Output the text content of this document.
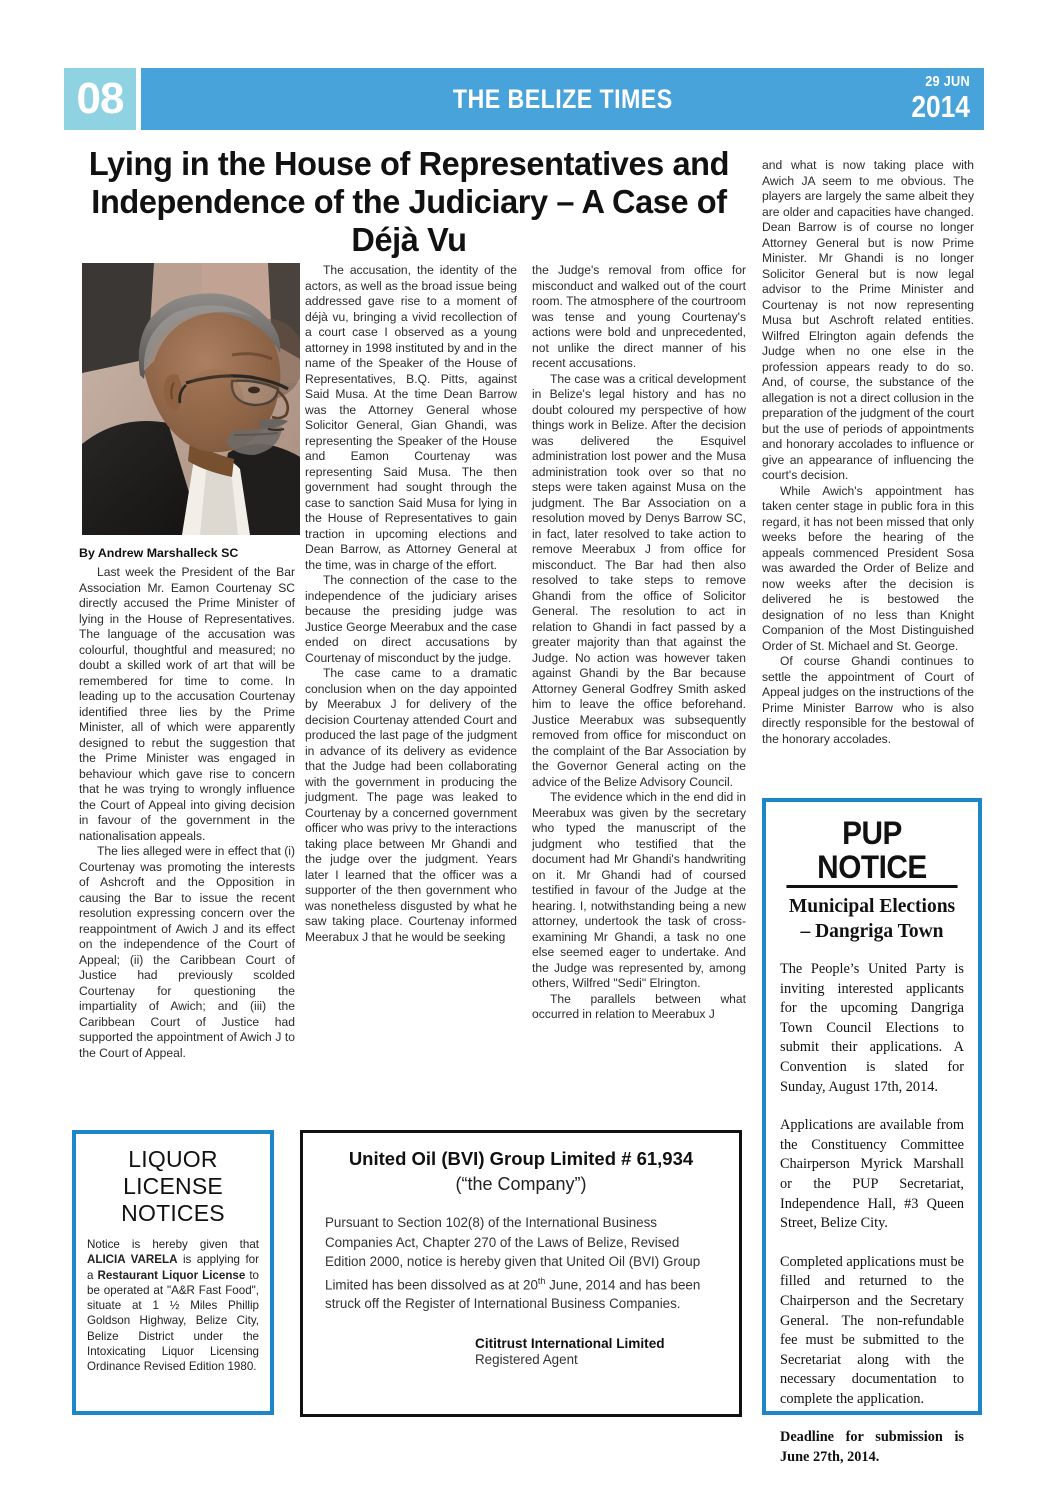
08	THE BELIZE TIMES
29 JUN
2014
Lying in the House of Representatives and Independence of the Judiciary – A Case of Déjà Vu
By Andrew Marshalleck SC

Last week the President of the Bar Association Mr. Eamon Courtenay SC directly accused the Prime Minister of lying in the House of Representatives. The language of the accusation was colourful, thoughtful and measured; no doubt a skilled work of art that will be remembered for time to come. In leading up to the accusation Courtenay identified three lies by the Prime Minister, all of which were apparently designed to rebut the suggestion that the Prime Minister was engaged in behaviour which gave rise to concern that he was trying to wrongly influence the Court of Appeal into giving decision in favour of the government in the nationalisation appeals.

The lies alleged were in effect that (i) Courtenay was promoting the interests of Ashcroft and the Opposition in causing the Bar to issue the recent resolution expressing concern over the reappointment of Awich J and its effect on the independence of the Court of Appeal; (ii) the Caribbean Court of Justice had previously scolded Courtenay for questioning the impartiality of Awich; and (iii) the Caribbean Court of Justice had supported the appointment of Awich J to the Court of Appeal.

The accusation, the identity of the actors, as well as the broad issue being addressed gave rise to a moment of déjà vu, bringing a vivid recollection of a court case I observed as a young attorney in 1998 instituted by and in the name of the Speaker of the House of Representatives, B.Q. Pitts, against Said Musa. At the time Dean Barrow was the Attorney General whose Solicitor General, Gian Ghandi, was representing the Speaker of the House and Eamon Courtenay was representing Said Musa. The then government had sought through the case to sanction Said Musa for lying in the House of Representatives to gain traction in upcoming elections and Dean Barrow, as Attorney General at the time, was in charge of the effort.

The connection of the case to the independence of the judiciary arises because the presiding judge was Justice George Meerabux and the case ended on direct accusations by Courtenay of misconduct by the judge.

The case came to a dramatic conclusion when on the day appointed by Meerabux J for delivery of the decision Courtenay attended Court and produced the last page of the judgment in advance of its delivery as evidence that the Judge had been collaborating with the government in producing the judgment. The page was leaked to Courtenay by a concerned government officer who was privy to the interactions taking place between Mr Ghandi and the judge over the judgment. Years later I learned that the officer was a supporter of the then government who was nonetheless disgusted by what he saw taking place. Courtenay informed Meerabux J that he would be seeking

the Judge's removal from office for misconduct and walked out of the court room. The atmosphere of the courtroom was tense and young Courtenay's actions were bold and unprecedented, not unlike the direct manner of his recent accusations.

The case was a critical development in Belize's legal history and has no doubt coloured my perspective of how things work in Belize. After the decision was delivered the Esquivel administration lost power and the Musa administration took over so that no steps were taken against Musa on the judgment. The Bar Association on a resolution moved by Denys Barrow SC, in fact, later resolved to take action to remove Meerabux J from office for misconduct. The Bar had then also resolved to take steps to remove Ghandi from the office of Solicitor General. The resolution to act in relation to Ghandi in fact passed by a greater majority than that against the Judge. No action was however taken against Ghandi by the Bar because Attorney General Godfrey Smith asked him to leave the office beforehand. Justice Meerabux was subsequently removed from office for misconduct on the complaint of the Bar Association by the Governor General acting on the advice of the Belize Advisory Council.

The evidence which in the end did in Meerabux was given by the secretary who typed the manuscript of the judgment who testified that the document had Mr Ghandi's handwriting on it. Mr Ghandi had of coursed testified in favour of the Judge at the hearing. I, notwithstanding being a new attorney, undertook the task of cross-examining Mr Ghandi, a task no one else seemed eager to undertake. And the Judge was represented by, among others, Wilfred "Sedi" Elrington.

The parallels between what occurred in relation to Meerabux J

and what is now taking place with Awich JA seem to me obvious. The players are largely the same albeit they are older and capacities have changed. Dean Barrow is of course no longer Attorney General but is now Prime Minister. Mr Ghandi is no longer Solicitor General but is now legal advisor to the Prime Minister and Courtenay is not now representing Musa but Aschroft related entities. Wilfred Elrington again defends the Judge when no one else in the profession appears ready to do so. And, of course, the substance of the allegation is not a direct collusion in the preparation of the judgment of the court but the use of periods of appointments and honorary accolades to influence or give an appearance of influencing the court's decision.

While Awich's appointment has taken center stage in public fora in this regard, it has not been missed that only weeks before the hearing of the appeals commenced President Sosa was awarded the Order of Belize and now weeks after the decision is delivered he is bestowed the designation of no less than Knight Companion of the Most Distinguished Order of St. Michael and St. George.

Of course Ghandi continues to settle the appointment of Court of Appeal judges on the instructions of the Prime Minister Barrow who is also directly responsible for the bestowal of the honorary accolades.

LIQUOR
LICENSE
NOTICES
Notice is hereby given that ALICIA VARELA is applying for a Restaurant Liquor License to be operated at "A&R Fast Food", situate at 1 ½ Miles Phillip Goldson Highway, Belize City, Belize District under the Intoxicating Liquor Licensing Ordinance Revised Edition 1980.
United Oil (BVI) Group Limited # 61,934
(“the Company”)
Pursuant to Section 102(8) of the International Business Companies Act, Chapter 270 of the Laws of Belize, Revised Edition 2000, notice is hereby given that United Oil (BVI) Group Limited has been dissolved as at 20th June, 2014 and has been struck off the Register of International Business Companies.
Cititrust International Limited
Registered Agent
PUP NOTICE
Municipal Elections
– Dangriga Town

The People’s United Party is inviting interested applicants for the upcoming Dangriga Town Council Elections to submit their applications. A Convention is slated for Sunday, August 17th, 2014.

Applications are available from the Constituency Committee Chairperson Myrick Marshall or the PUP Secretariat, Independence Hall, #3 Queen Street, Belize City.

Completed applications must be filled and returned to the Chairperson and the Secretary General. The non-refundable fee must be submitted to the Secretariat along with the necessary documentation to complete the application.

Deadline for submission is June 27th, 2014.
